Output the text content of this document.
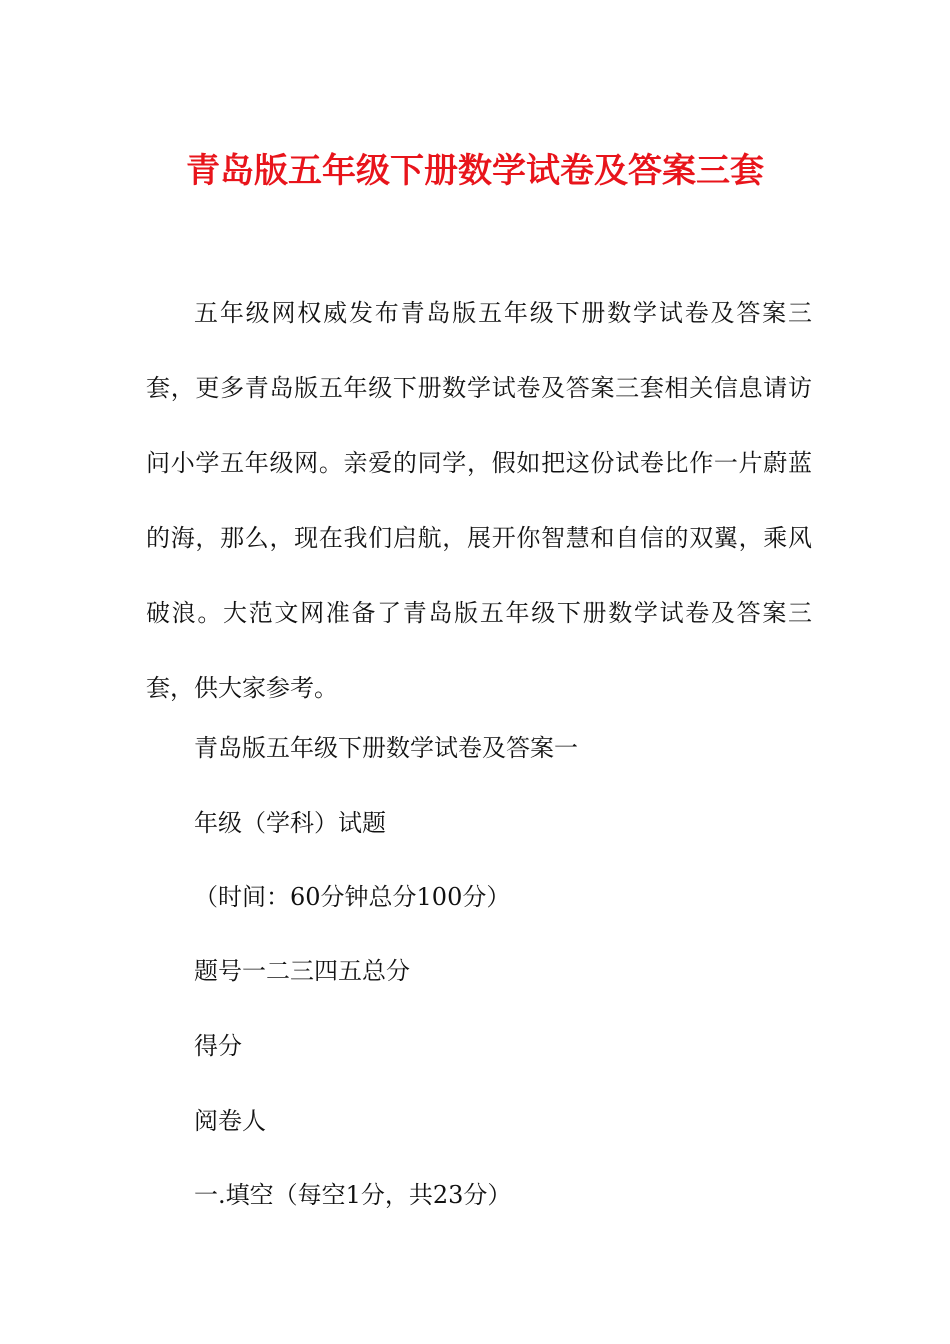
青岛版五年级下册数学试卷及答案三套

五年级网权威发布青岛版五年级下册数学试卷及答案三套，更多青岛版五年级下册数学试卷及答案三套相关信息请访问小学五年级网。亲爱的同学，假如把这份试卷比作一片蔚蓝的海，那么，现在我们启航，展开你智慧和自信的双翼，乘风破浪。大范文网准备了青岛版五年级下册数学试卷及答案三套，供大家参考。

青岛版五年级下册数学试卷及答案一

年级（学科）试题

（时间：60分钟总分100分）

题号一二三四五总分

得分

阅卷人

一.填空（每空1分，共23分）
